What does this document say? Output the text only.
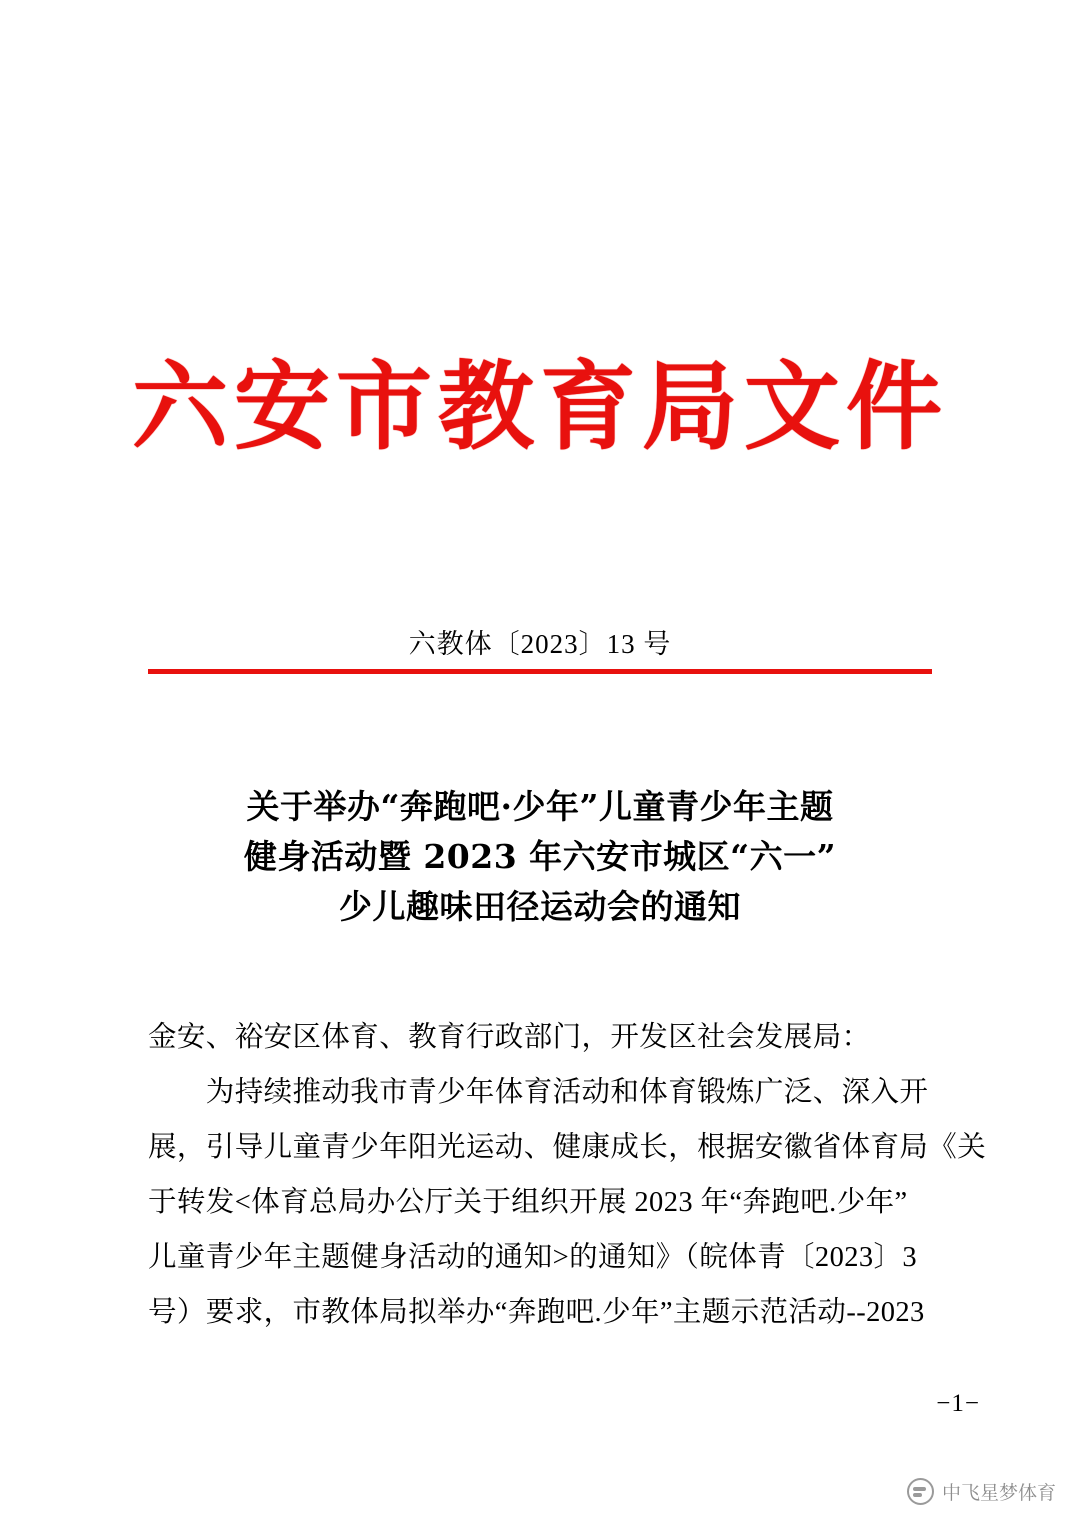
六安市教育局文件
六教体〔2023〕13 号
关于举办“奔跑吧·少年”儿童青少年主题
健身活动暨 2023 年六安市城区“六一”
少儿趣味田径运动会的通知

金安、裕安区体育、教育行政部门，开发区社会发展局：

　　为持续推动我市青少年体育活动和体育锻炼广泛、深入开

展，引导儿童青少年阳光运动、健康成长，根据安徽省体育局《关

于转发<体育总局办公厅关于组织开展 2023 年“奔跑吧.少年”

儿童青少年主题健身活动的通知>的通知》（皖体青〔2023〕3

号）要求，市教体局拟举办“奔跑吧.少年”主题示范活动--2023

−1−
中飞星梦体育
